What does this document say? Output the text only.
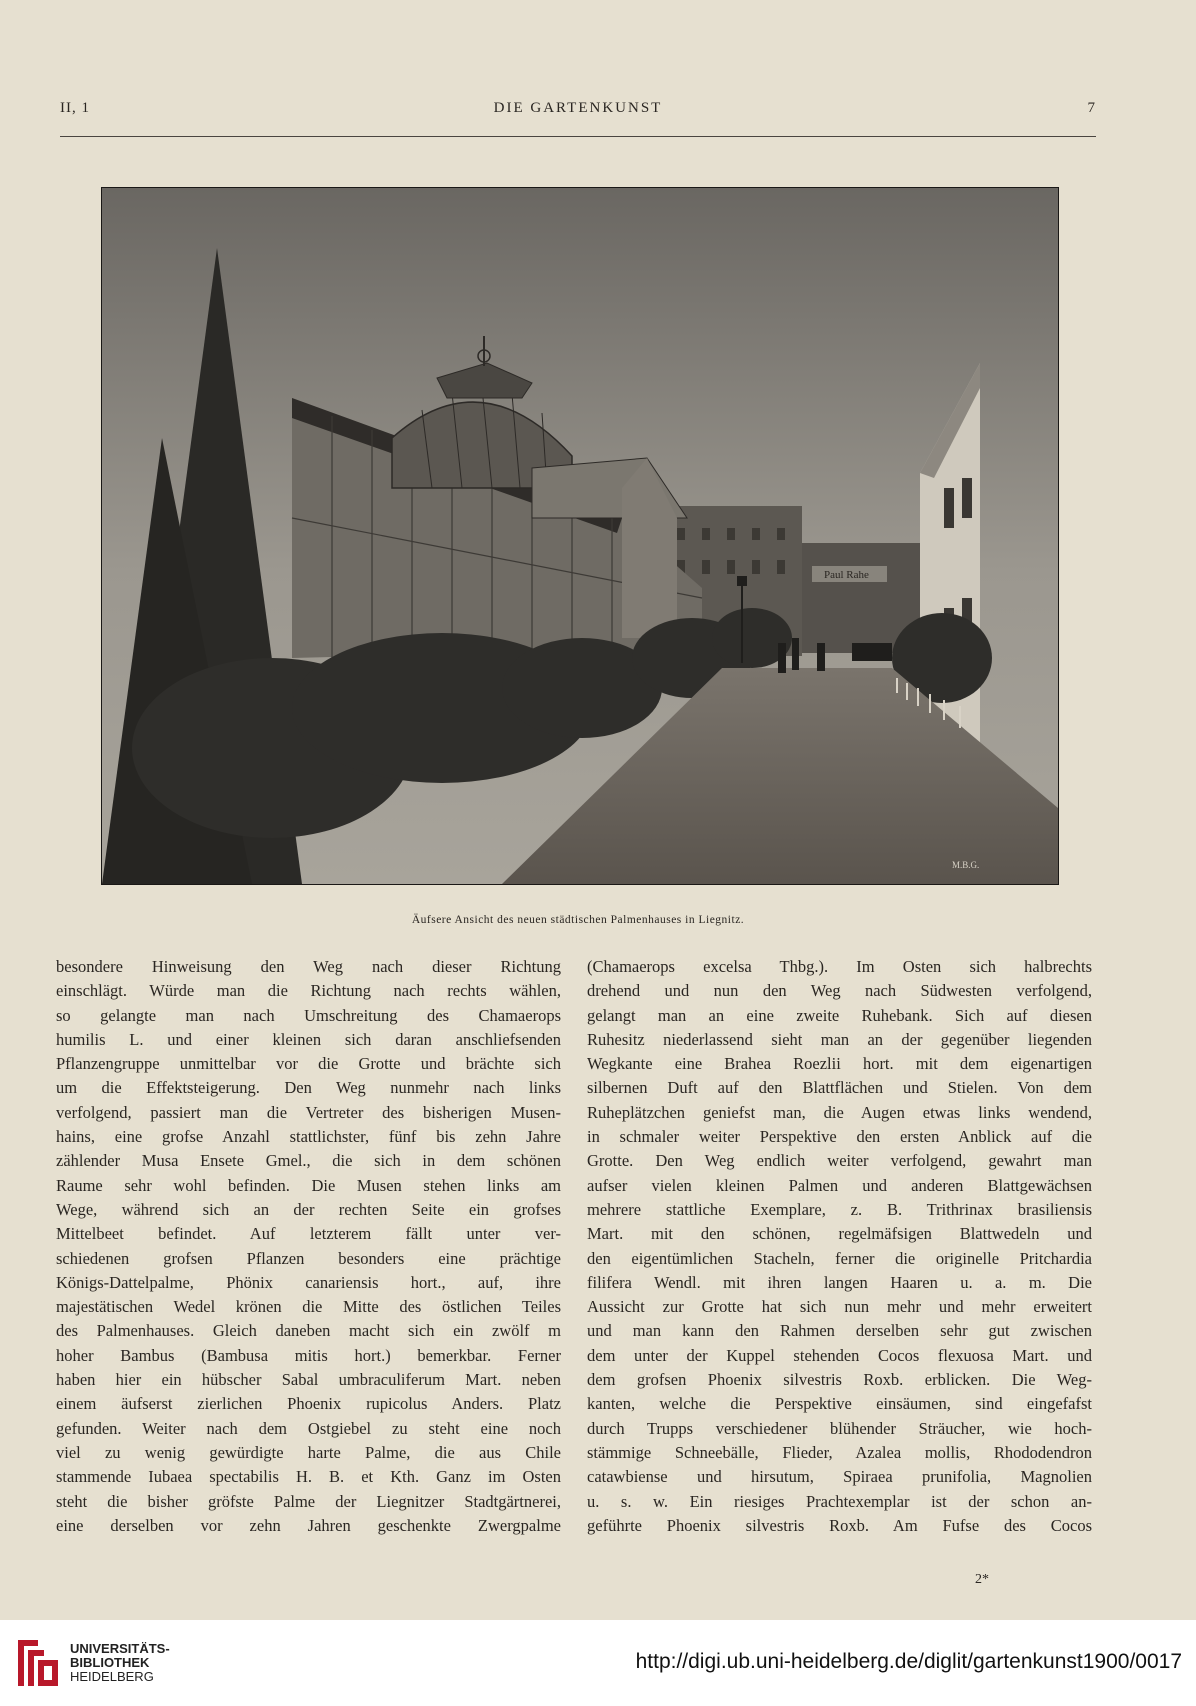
II, 1	DIE GARTENKUNST	7
Paul Rahe
M.B.G.
Äufsere Ansicht des neuen städtischen Palmenhauses in Liegnitz.

besondere Hinweisung den Weg nach dieser Richtung

einschlägt. Würde man die Richtung nach rechts wählen,

so gelangte man nach Umschreitung des Chamaerops

humilis L. und einer kleinen sich daran anschliefsenden

Pflanzengruppe unmittelbar vor die Grotte und brächte sich

um die Effektsteigerung. Den Weg nunmehr nach links

verfolgend, passiert man die Vertreter des bisherigen Musen-

hains, eine grofse Anzahl stattlichster, fünf bis zehn Jahre

zählender Musa Ensete Gmel., die sich in dem schönen

Raume sehr wohl befinden. Die Musen stehen links am

Wege, während sich an der rechten Seite ein grofses

Mittelbeet befindet. Auf letzterem fällt unter ver-

schiedenen grofsen Pflanzen besonders eine prächtige

Königs-Dattelpalme, Phönix canariensis hort., auf, ihre

majestätischen Wedel krönen die Mitte des östlichen Teiles

des Palmenhauses. Gleich daneben macht sich ein zwölf m

hoher Bambus (Bambusa mitis hort.) bemerkbar. Ferner

haben hier ein hübscher Sabal umbraculiferum Mart. neben

einem äufserst zierlichen Phoenix rupicolus Anders. Platz

gefunden. Weiter nach dem Ostgiebel zu steht eine noch

viel zu wenig gewürdigte harte Palme, die aus Chile

stammende Iubaea spectabilis H. B. et Kth. Ganz im Osten

steht die bisher gröfste Palme der Liegnitzer Stadtgärtnerei,

eine derselben vor zehn Jahren geschenkte Zwergpalme

(Chamaerops excelsa Thbg.). Im Osten sich halbrechts

drehend und nun den Weg nach Südwesten verfolgend,

gelangt man an eine zweite Ruhebank. Sich auf diesen

Ruhesitz niederlassend sieht man an der gegenüber liegenden

Wegkante eine Brahea Roezlii hort. mit dem eigenartigen

silbernen Duft auf den Blattflächen und Stielen. Von dem

Ruheplätzchen geniefst man, die Augen etwas links wendend,

in schmaler weiter Perspektive den ersten Anblick auf die

Grotte. Den Weg endlich weiter verfolgend, gewahrt man

aufser vielen kleinen Palmen und anderen Blattgewächsen

mehrere stattliche Exemplare, z. B. Trithrinax brasiliensis

Mart. mit den schönen, regelmäfsigen Blattwedeln und

den eigentümlichen Stacheln, ferner die originelle Pritchardia

filifera Wendl. mit ihren langen Haaren u. a. m. Die

Aussicht zur Grotte hat sich nun mehr und mehr erweitert

und man kann den Rahmen derselben sehr gut zwischen

dem unter der Kuppel stehenden Cocos flexuosa Mart. und

dem grofsen Phoenix silvestris Roxb. erblicken. Die Weg-

kanten, welche die Perspektive einsäumen, sind eingefafst

durch Trupps verschiedener blühender Sträucher, wie hoch-

stämmige Schneebälle, Flieder, Azalea mollis, Rhododendron

catawbiense und hirsutum, Spiraea prunifolia, Magnolien

u. s. w. Ein riesiges Prachtexemplar ist der schon an-

geführte Phoenix silvestris Roxb. Am Fufse des Cocos

2*
UNIVERSITÄTS-
BIBLIOTHEK
HEIDELBERG
http://digi.ub.uni-heidelberg.de/diglit/gartenkunst1900/0017
